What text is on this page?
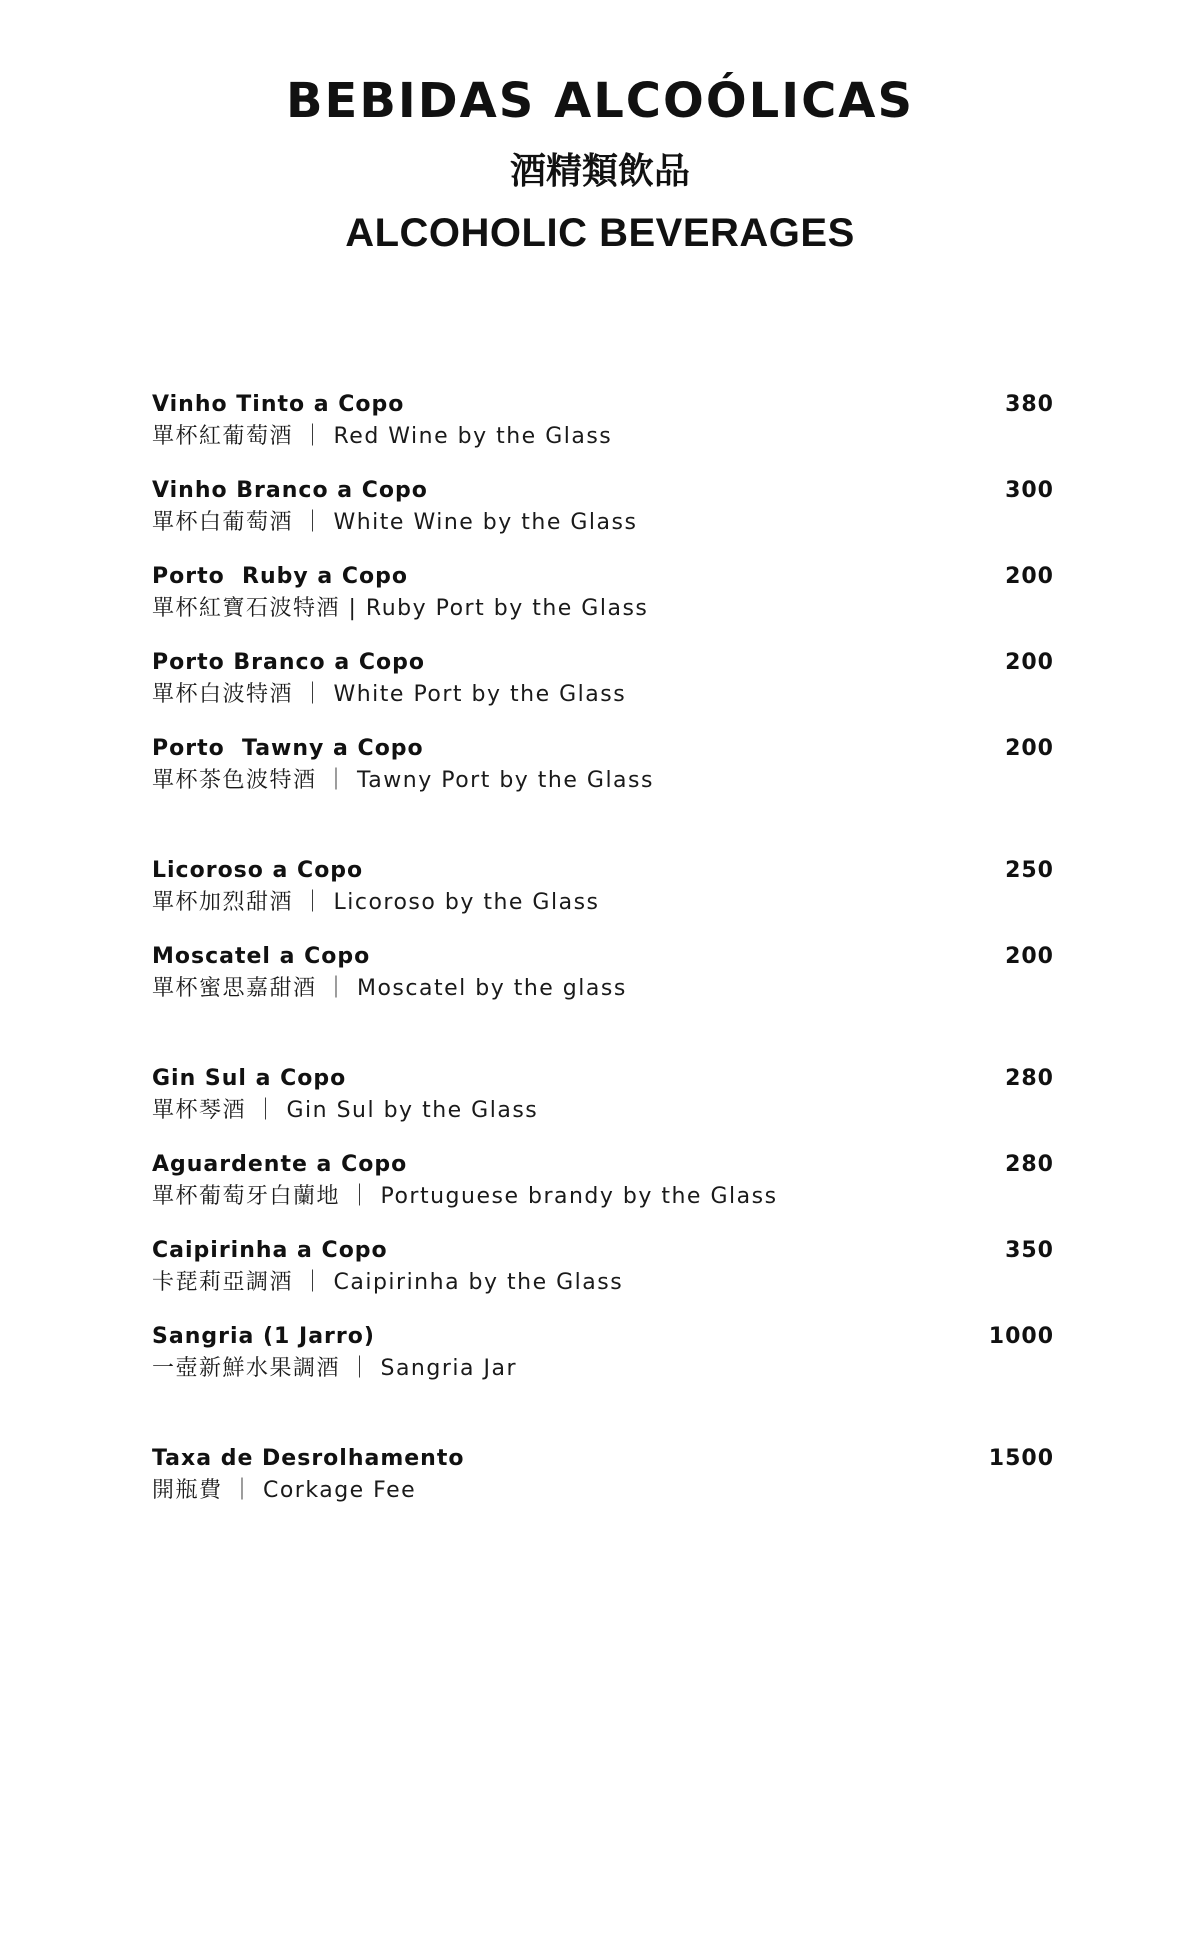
BEBIDAS ALCOÓLICAS
酒精類飲品
ALCOHOLIC BEVERAGES
Vinho Tinto a Copo	380
單杯紅葡萄酒 ｜ Red Wine by the Glass
Vinho Branco a Copo	300
單杯白葡萄酒 ｜ White Wine by the Glass
Porto  Ruby a Copo	200
單杯紅寶石波特酒 | Ruby Port by the Glass
Porto Branco a Copo	200
單杯白波特酒 ｜ White Port by the Glass
Porto  Tawny a Copo	200
單杯茶色波特酒 ｜ Tawny Port by the Glass
Licoroso a Copo	250
單杯加烈甜酒 ｜ Licoroso by the Glass
Moscatel a Copo	200
單杯蜜思嘉甜酒 ｜ Moscatel by the glass
Gin Sul a Copo	280
單杯琴酒 ｜ Gin Sul by the Glass
Aguardente a Copo	280
單杯葡萄牙白蘭地 ｜ Portuguese brandy by the Glass
Caipirinha a Copo	350
卡琵莉亞調酒 ｜ Caipirinha by the Glass
Sangria (1 Jarro)	1000
一壺新鮮水果調酒 ｜ Sangria Jar
Taxa de Desrolhamento	1500
開瓶費 ｜ Corkage Fee
